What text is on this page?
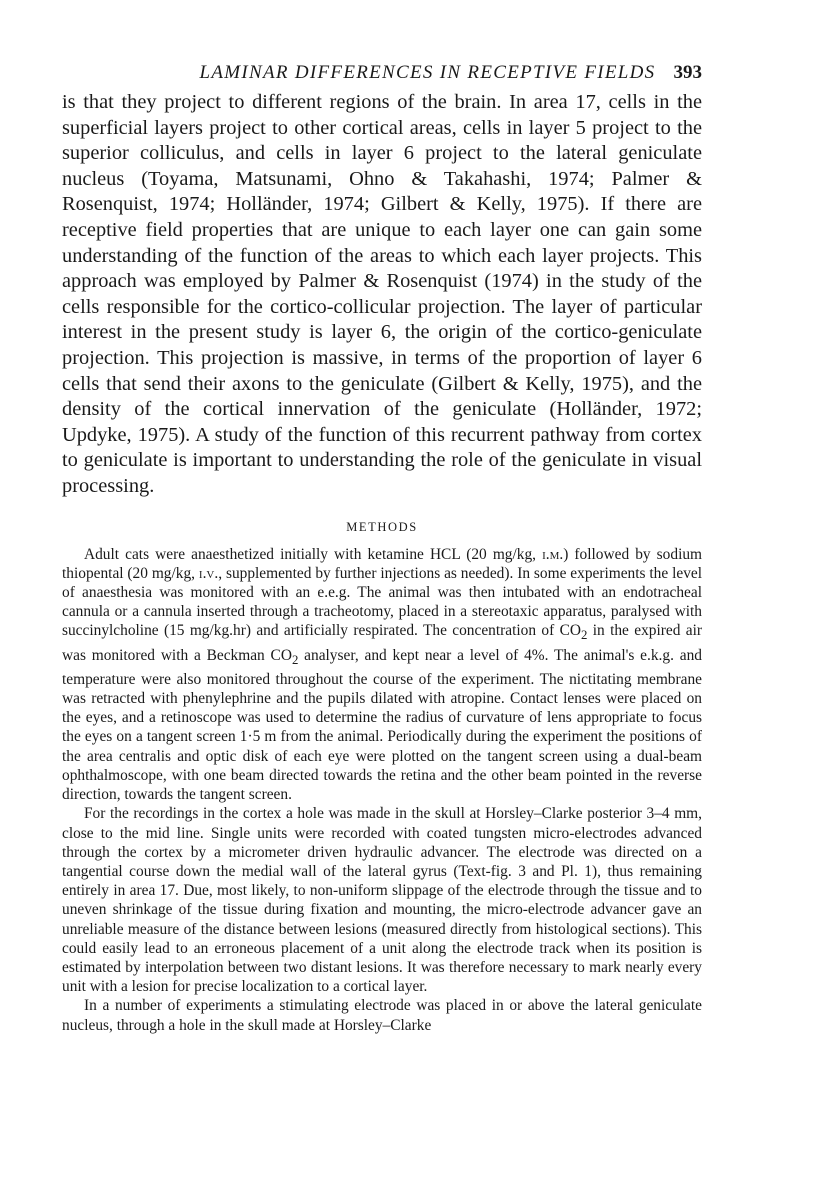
LAMINAR DIFFERENCES IN RECEPTIVE FIELDS 393

is that they project to different regions of the brain. In area 17, cells in the superficial layers project to other cortical areas, cells in layer 5 project to the superior colliculus, and cells in layer 6 project to the lateral geniculate nucleus (Toyama, Matsunami, Ohno & Takahashi, 1974; Palmer & Rosenquist, 1974; Holländer, 1974; Gilbert & Kelly, 1975). If there are receptive field properties that are unique to each layer one can gain some understanding of the function of the areas to which each layer projects. This approach was employed by Palmer & Rosenquist (1974) in the study of the cells responsible for the cortico-collicular projection. The layer of particular interest in the present study is layer 6, the origin of the cortico-geniculate projection. This projection is massive, in terms of the proportion of layer 6 cells that send their axons to the geniculate (Gilbert & Kelly, 1975), and the density of the cortical innervation of the geniculate (Holländer, 1972; Updyke, 1975). A study of the function of this recurrent pathway from cortex to geniculate is important to understanding the role of the geniculate in visual processing.

METHODS

Adult cats were anaesthetized initially with ketamine HCL (20 mg/kg, i.m.) followed by sodium thiopental (20 mg/kg, i.v., supplemented by further injections as needed). In some experiments the level of anaesthesia was monitored with an e.e.g. The animal was then intubated with an endotracheal cannula or a cannula inserted through a tracheotomy, placed in a stereotaxic apparatus, paralysed with succinylcholine (15 mg/kg.hr) and artificially respirated. The concentration of $CO_2$ in the expired air was monitored with a Beckman $CO_2$ analyser, and kept near a level of 4%. The animal's e.k.g. and temperature were also monitored throughout the course of the experiment. The nictitating membrane was retracted with phenylephrine and the pupils dilated with atropine. Contact lenses were placed on the eyes, and a retinoscope was used to determine the radius of curvature of lens appropriate to focus the eyes on a tangent screen 1·5 m from the animal. Periodically during the experiment the positions of the area centralis and optic disk of each eye were plotted on the tangent screen using a dual-beam ophthalmoscope, with one beam directed towards the retina and the other beam pointed in the reverse direction, towards the tangent screen.

For the recordings in the cortex a hole was made in the skull at Horsley–Clarke posterior 3–4 mm, close to the mid line. Single units were recorded with coated tungsten micro-electrodes advanced through the cortex by a micrometer driven hydraulic advancer. The electrode was directed on a tangential course down the medial wall of the lateral gyrus (Text-fig. 3 and Pl. 1), thus remaining entirely in area 17. Due, most likely, to non-uniform slippage of the electrode through the tissue and to uneven shrinkage of the tissue during fixation and mounting, the micro-electrode advancer gave an unreliable measure of the distance between lesions (measured directly from histological sections). This could easily lead to an erroneous placement of a unit along the electrode track when its position is estimated by interpolation between two distant lesions. It was therefore necessary to mark nearly every unit with a lesion for precise localization to a cortical layer.

In a number of experiments a stimulating electrode was placed in or above the lateral geniculate nucleus, through a hole in the skull made at Horsley–Clarke
